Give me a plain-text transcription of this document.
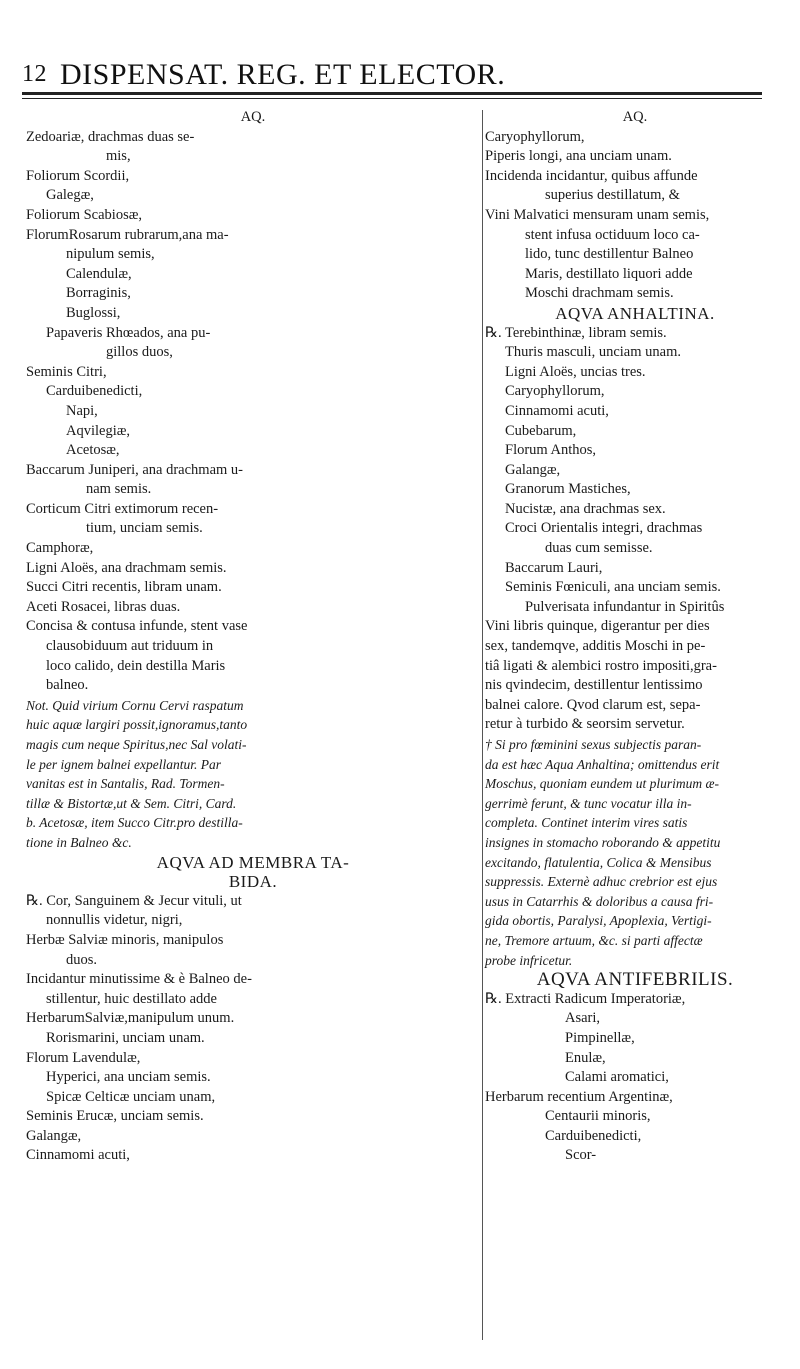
12 DISPENSAT. REG. ET ELECTOR.
AQ.
Zedoariæ, drachmas duas se-
mis,
Foliorum Scordii,
Galegæ,
Foliorum Scabiosæ,
FlorumRosarum rubrarum,ana ma-
nipulum semis,
Calendulæ,
Borraginis,
Buglossi,
Papaveris Rhœados, ana pu-
gillos duos,
Seminis Citri,
Carduibenedicti,
Napi,
Aqvilegiæ,
Acetosæ,
Baccarum Juniperi, ana drachmam u-
nam semis.
Corticum Citri extimorum recen-
tium, unciam semis.
Camphoræ,
Ligni Aloës, ana drachmam semis.
Succi Citri recentis, libram unam.
Aceti Rosacei, libras duas.
Concisa & contusa infunde, stent vase
clausobiduum aut triduum in
loco calido, dein destilla Maris
balneo.
Not. Quid virium Cornu Cervi raspatum
huic aquæ largiri possit,ignoramus,tanto
magis cum neque Spiritus,nec Sal volati-
le per ignem balnei expellantur. Par
vanitas est in Santalis, Rad. Tormen-
tillæ & Bistortæ,ut & Sem. Citri, Card.
b. Acetosæ, item Succo Citr.pro destilla-
tione in Balneo &c.
AQVA AD MEMBRA TA-
BIDA.
℞. Cor, Sanguinem & Jecur vituli, ut
nonnullis videtur, nigri,
Herbæ Salviæ minoris, manipulos
duos.
Incidantur minutissime & è Balneo de-
stillentur, huic destillato adde
HerbarumSalviæ,manipulum unum.
Rorismarini, unciam unam.
Florum Lavendulæ,
Hyperici, ana unciam semis.
Spicæ Celticæ unciam unam,
Seminis Erucæ, unciam semis.
Galangæ,
Cinnamomi acuti,
AQ.
Caryophyllorum,
Piperis longi, ana unciam unam.
Incidenda incidantur, quibus affunde
superius destillatum, &
Vini Malvatici mensuram unam semis,
stent infusa octiduum loco ca-
lido, tunc destillentur Balneo
Maris, destillato liquori adde
Moschi drachmam semis.
AQVA ANHALTINA.
℞. Terebinthinæ, libram semis.
Thuris masculi, unciam unam.
Ligni Aloës, uncias tres.
Caryophyllorum,
Cinnamomi acuti,
Cubebarum,
Florum Anthos,
Galangæ,
Granorum Mastiches,
Nucistæ, ana drachmas sex.
Croci Orientalis integri, drachmas
duas cum semisse.
Baccarum Lauri,
Seminis Fœniculi, ana unciam semis.
Pulverisata infundantur in Spiritûs
Vini libris quinque, digerantur per dies
sex, tandemqve, additis Moschi in pe-
tiâ ligati & alembici rostro impositi,gra-
nis qvindecim, destillentur lentissimo
balnei calore. Qvod clarum est, sepa-
retur à turbido & seorsim servetur.
† Si pro fœminini sexus subjectis paran-
da est hæc Aqua Anhaltina; omittendus erit
Moschus, quoniam eundem ut plurimum æ-
gerrimè ferunt, & tunc vocatur illa in-
completa. Continet interim vires satis
insignes in stomacho roborando & appetitu
excitando, flatulentia, Colica & Mensibus
suppressis. Externè adhuc crebrior est ejus
usus in Catarrhis & doloribus a causa fri-
gida obortis, Paralysi, Apoplexia, Vertigi-
ne, Tremore artuum, &c. si parti affectæ
probe infricetur.
AQVA ANTIFEBRILIS.
℞. Extracti Radicum Imperatoriæ,
Asari,
Pimpinellæ,
Enulæ,
Calami aromatici,
Herbarum recentium Argentinæ,
Centaurii minoris,
Carduibenedicti,
Scor-
